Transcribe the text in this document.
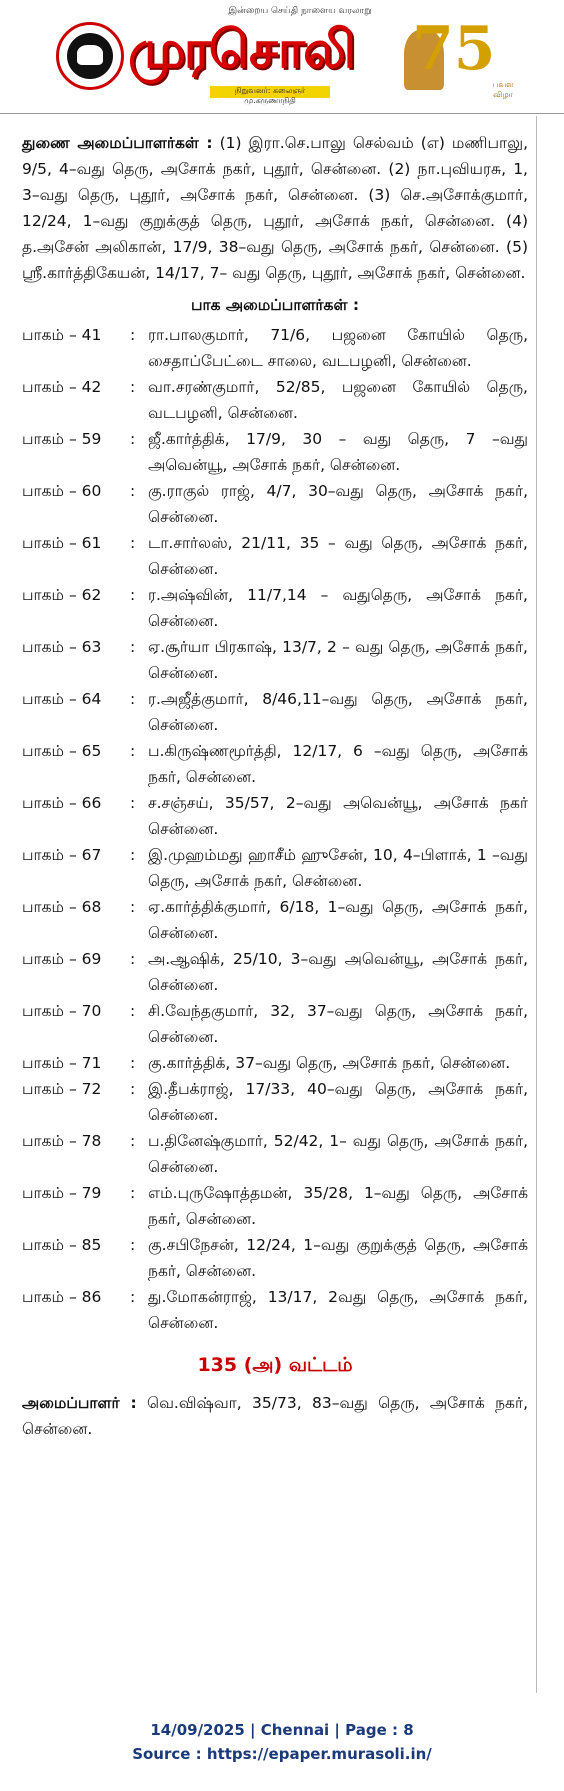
இன்றைய செய்தி நாளைய வரலாறு
முரசொலி
நிறுவனர்: கலைஞர் மு.கருணாநிதி
75
பவள விழா

துணை அமைப்பாளர்கள் : (1) இரா.செ.பாலு செல்வம் (எ) மணிபாலு, 9/5, 4–வது தெரு, அசோக் நகர், புதூர், சென்னை. (2) நா.புவியரசு, 1, 3–வது தெரு, புதூர், அசோக் நகர், சென்னை. (3) செ.அசோக்குமார், 12/24, 1–வது குறுக்குத் தெரு, புதூர், அசோக் நகர், சென்னை. (4) த.அசேன் அலிகான், 17/9, 38–வது தெரு, அசோக் நகர், சென்னை. (5) ஸ்ரீ.கார்த்திகேயன், 14/17, 7– வது தெரு, புதூர், அசோக் நகர், சென்னை.

பாக அமைப்பாளர்கள் :
பாகம் – 41	: ரா.பாலகுமார், 71/6, பஜனை கோயில் தெரு, சைதாப்பேட்டை சாலை, வடபழனி, சென்னை.
பாகம் – 42	: வா.சரண்குமார், 52/85, பஜனை கோயில் தெரு, வடபழனி, சென்னை.
பாகம் – 59	: ஜீ.கார்த்திக், 17/9, 30 – வது தெரு, 7 –வது அவென்யூ, அசோக் நகர், சென்னை.
பாகம் – 60	: கு.ராகுல் ராஜ், 4/7, 30–வது தெரு, அசோக் நகர், சென்னை.
பாகம் – 61	: டா.சார்லஸ், 21/11, 35 – வது தெரு, அசோக் நகர், சென்னை.
பாகம் – 62	: ர.அஷ்வின், 11/7,14 – வதுதெரு, அசோக் நகர், சென்னை.
பாகம் – 63	: ஏ.சூர்யா பிரகாஷ், 13/7, 2 – வது தெரு, அசோக் நகர், சென்னை.
பாகம் – 64	: ர.அஜீத்குமார், 8/46,11–வது தெரு, அசோக் நகர், சென்னை.
பாகம் – 65	: ப.கிருஷ்ணமூர்த்தி, 12/17, 6 –வது தெரு, அசோக் நகர், சென்னை.
பாகம் – 66	: ச.சஞ்சய், 35/57, 2–வது அவென்யூ, அசோக் நகர் சென்னை.
பாகம் – 67	: இ.முஹம்மது ஹாசீம் ஹுசேன், 10, 4–பிளாக், 1 –வது தெரு, அசோக் நகர், சென்னை.
பாகம் – 68	: ஏ.கார்த்திக்குமார், 6/18, 1–வது தெரு, அசோக் நகர், சென்னை.
பாகம் – 69	: அ.ஆஷிக், 25/10, 3–வது அவென்யூ, அசோக் நகர், சென்னை.
பாகம் – 70	: சி.வேந்தகுமார், 32, 37–வது தெரு, அசோக் நகர், சென்னை.
பாகம் – 71	: கு.கார்த்திக், 37–வது தெரு, அசோக் நகர், சென்னை.
பாகம் – 72	: இ.தீபக்ராஜ், 17/33, 40–வது தெரு, அசோக் நகர், சென்னை.
பாகம் – 78	: ப.தினேஷ்குமார், 52/42, 1– வது தெரு, அசோக் நகர், சென்னை.
பாகம் – 79	: எம்.புருஷோத்தமன், 35/28, 1–வது தெரு, அசோக் நகர், சென்னை.
பாகம் – 85	: கு.சபிநேசன், 12/24, 1–வது குறுக்குத் தெரு, அசோக் நகர், சென்னை.
பாகம் – 86	: து.மோகன்ராஜ், 13/17, 2வது தெரு, அசோக் நகர், சென்னை.
135 (அ) வட்டம்

அமைப்பாளர் : வெ.விஷ்வா, 35/73, 83–வது தெரு, அசோக் நகர், சென்னை.

14/09/2025 | Chennai | Page : 8
Source : https://epaper.murasoli.in/
